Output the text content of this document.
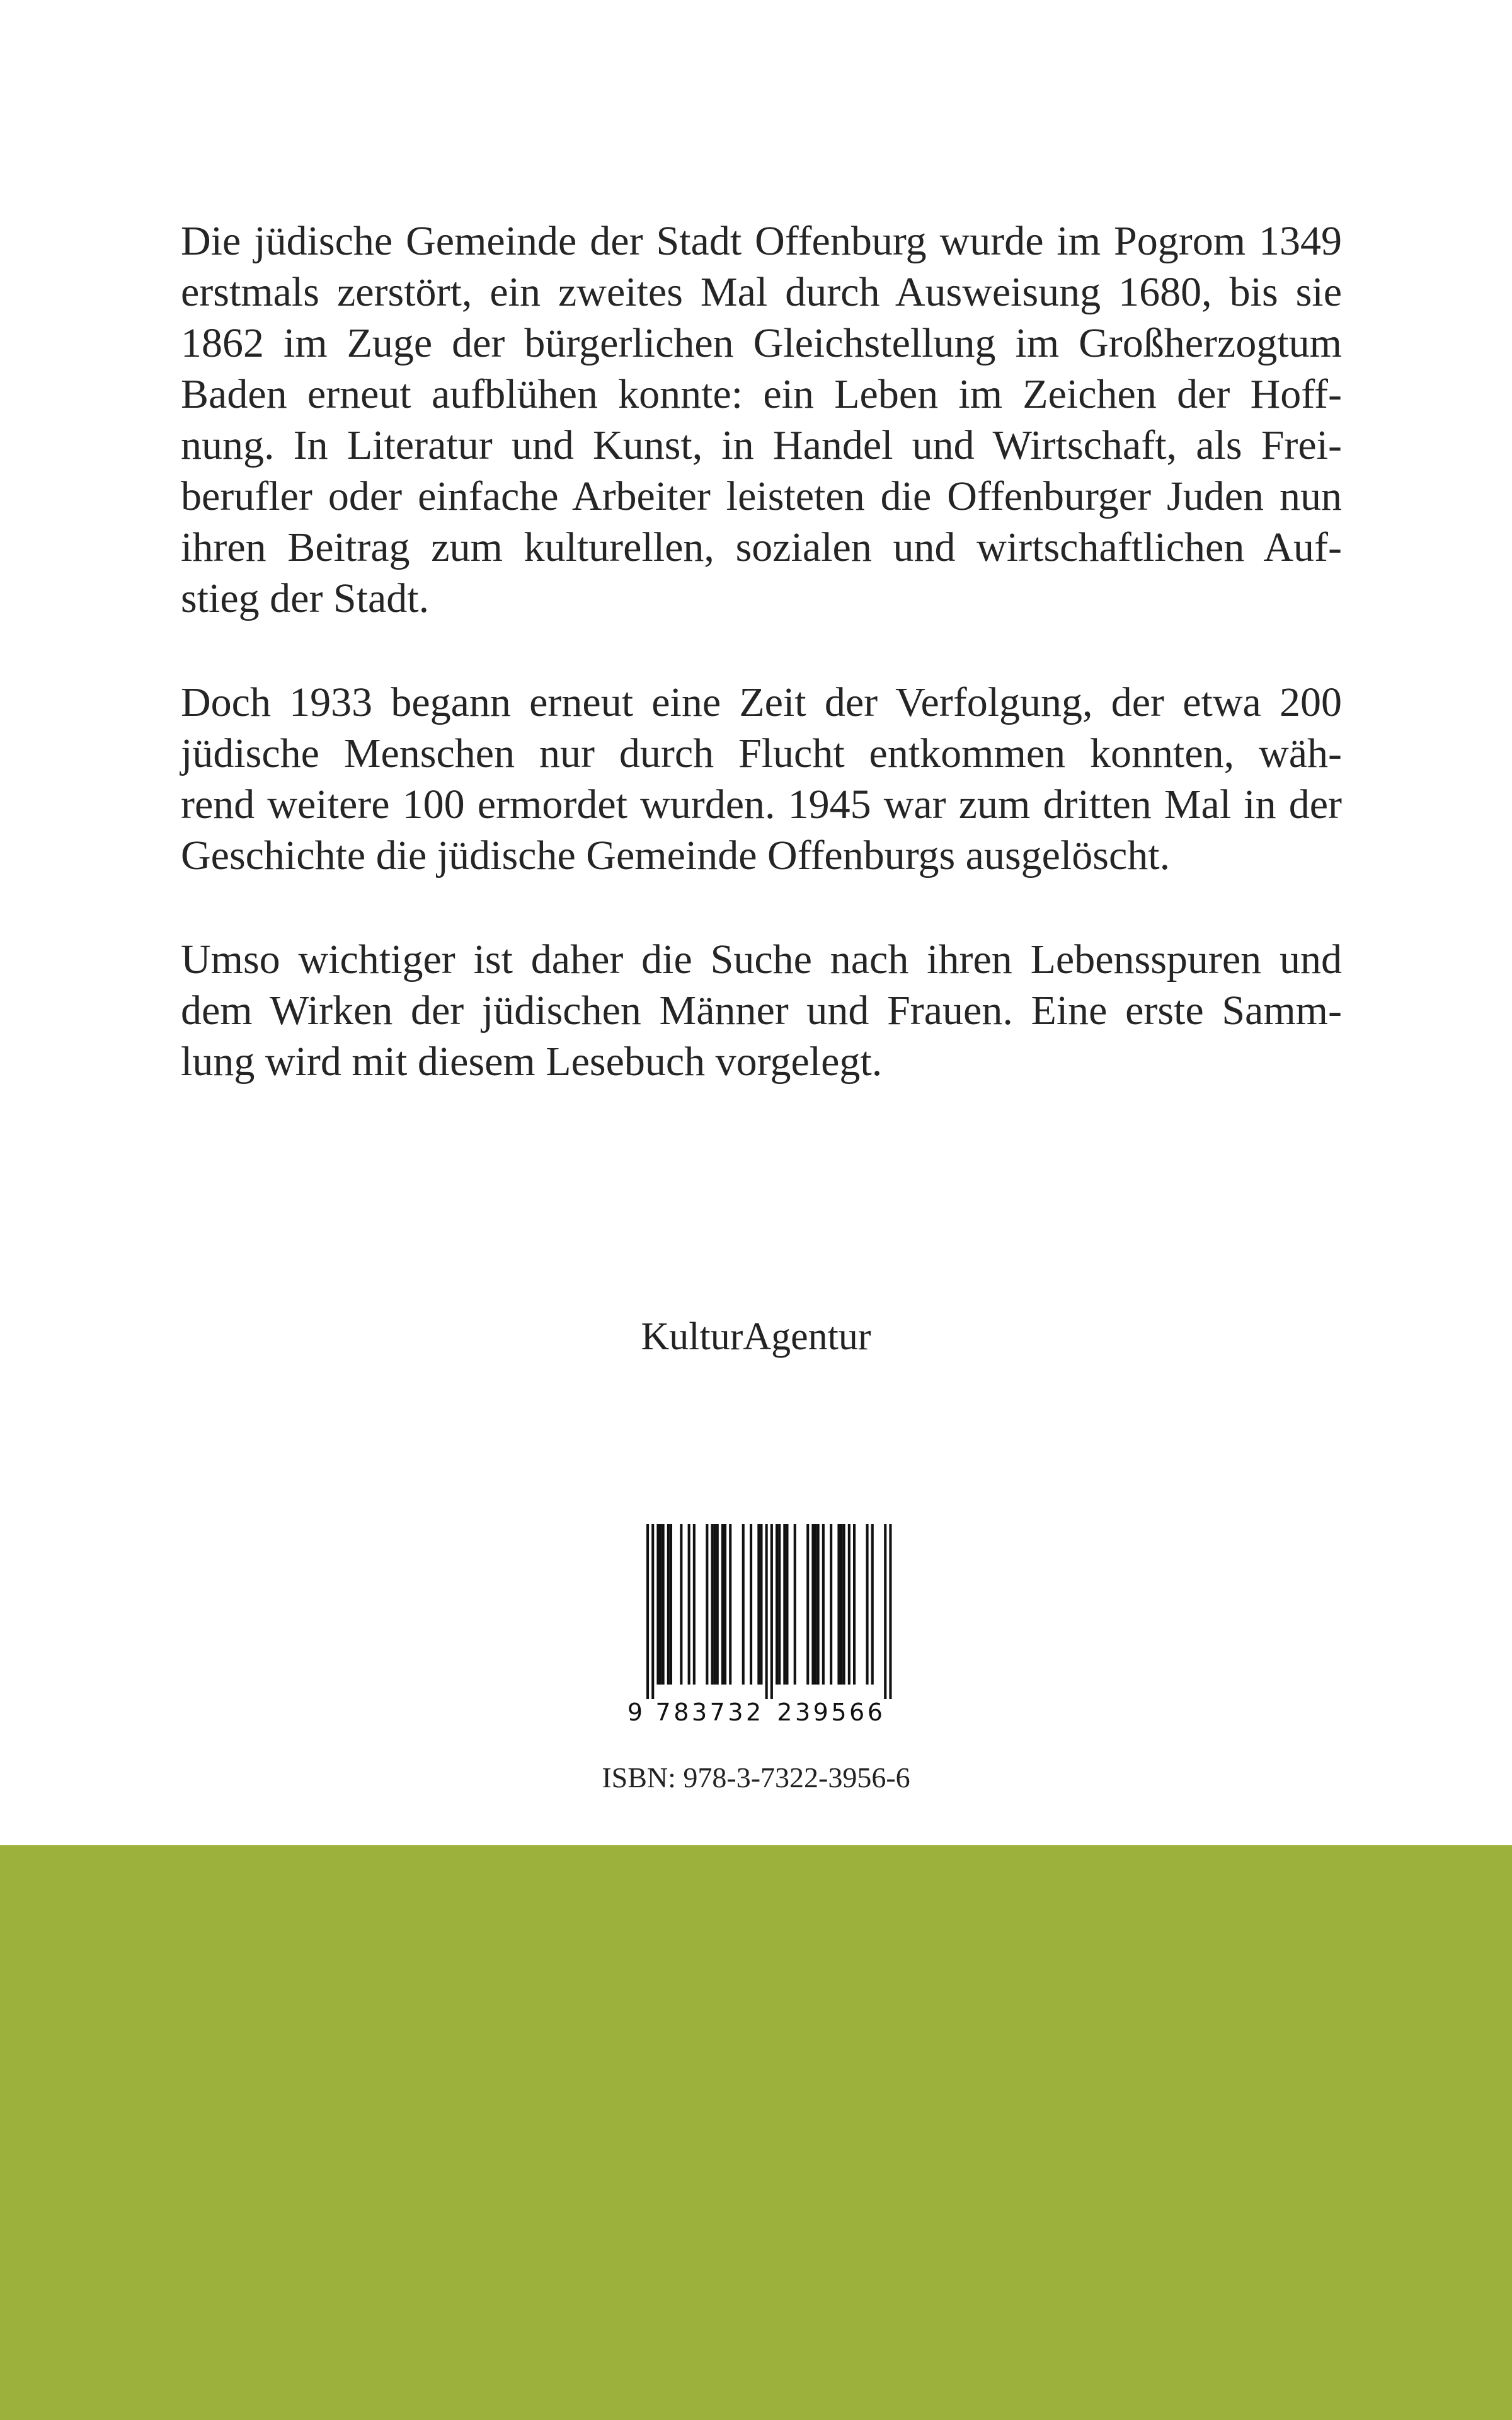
Die jüdische Gemeinde der Stadt Offenburg wurde im Pogrom 1349
erstmals zerstört, ein zweites Mal durch Ausweisung 1680, bis sie
1862 im Zuge der bürgerlichen Gleichstellung im Großherzogtum
Baden erneut aufblühen konnte: ein Leben im Zeichen der Hoff-
nung. In Literatur und Kunst, in Handel und Wirtschaft, als Frei-
berufler oder einfache Arbeiter leisteten die Offenburger Juden nun
ihren Beitrag zum kulturellen, sozialen und wirtschaftlichen Auf-
stieg der Stadt.

Doch 1933 begann erneut eine Zeit der Verfolgung, der etwa 200
jüdische Menschen nur durch Flucht entkommen konnten, wäh-
rend weitere 100 ermordet wurden. 1945 war zum dritten Mal in der
Geschichte die jüdische Gemeinde Offenburgs ausgelöscht.

Umso wichtiger ist daher die Suche nach ihren Lebensspuren und
dem Wirken der jüdischen Männer und Frauen. Eine erste Samm-
lung wird mit diesem Lesebuch vorgelegt.

KulturAgentur
9 7 8 3 7 3 2 2 3 9 5 6 6
ISBN: 978-3-7322-3956-6
